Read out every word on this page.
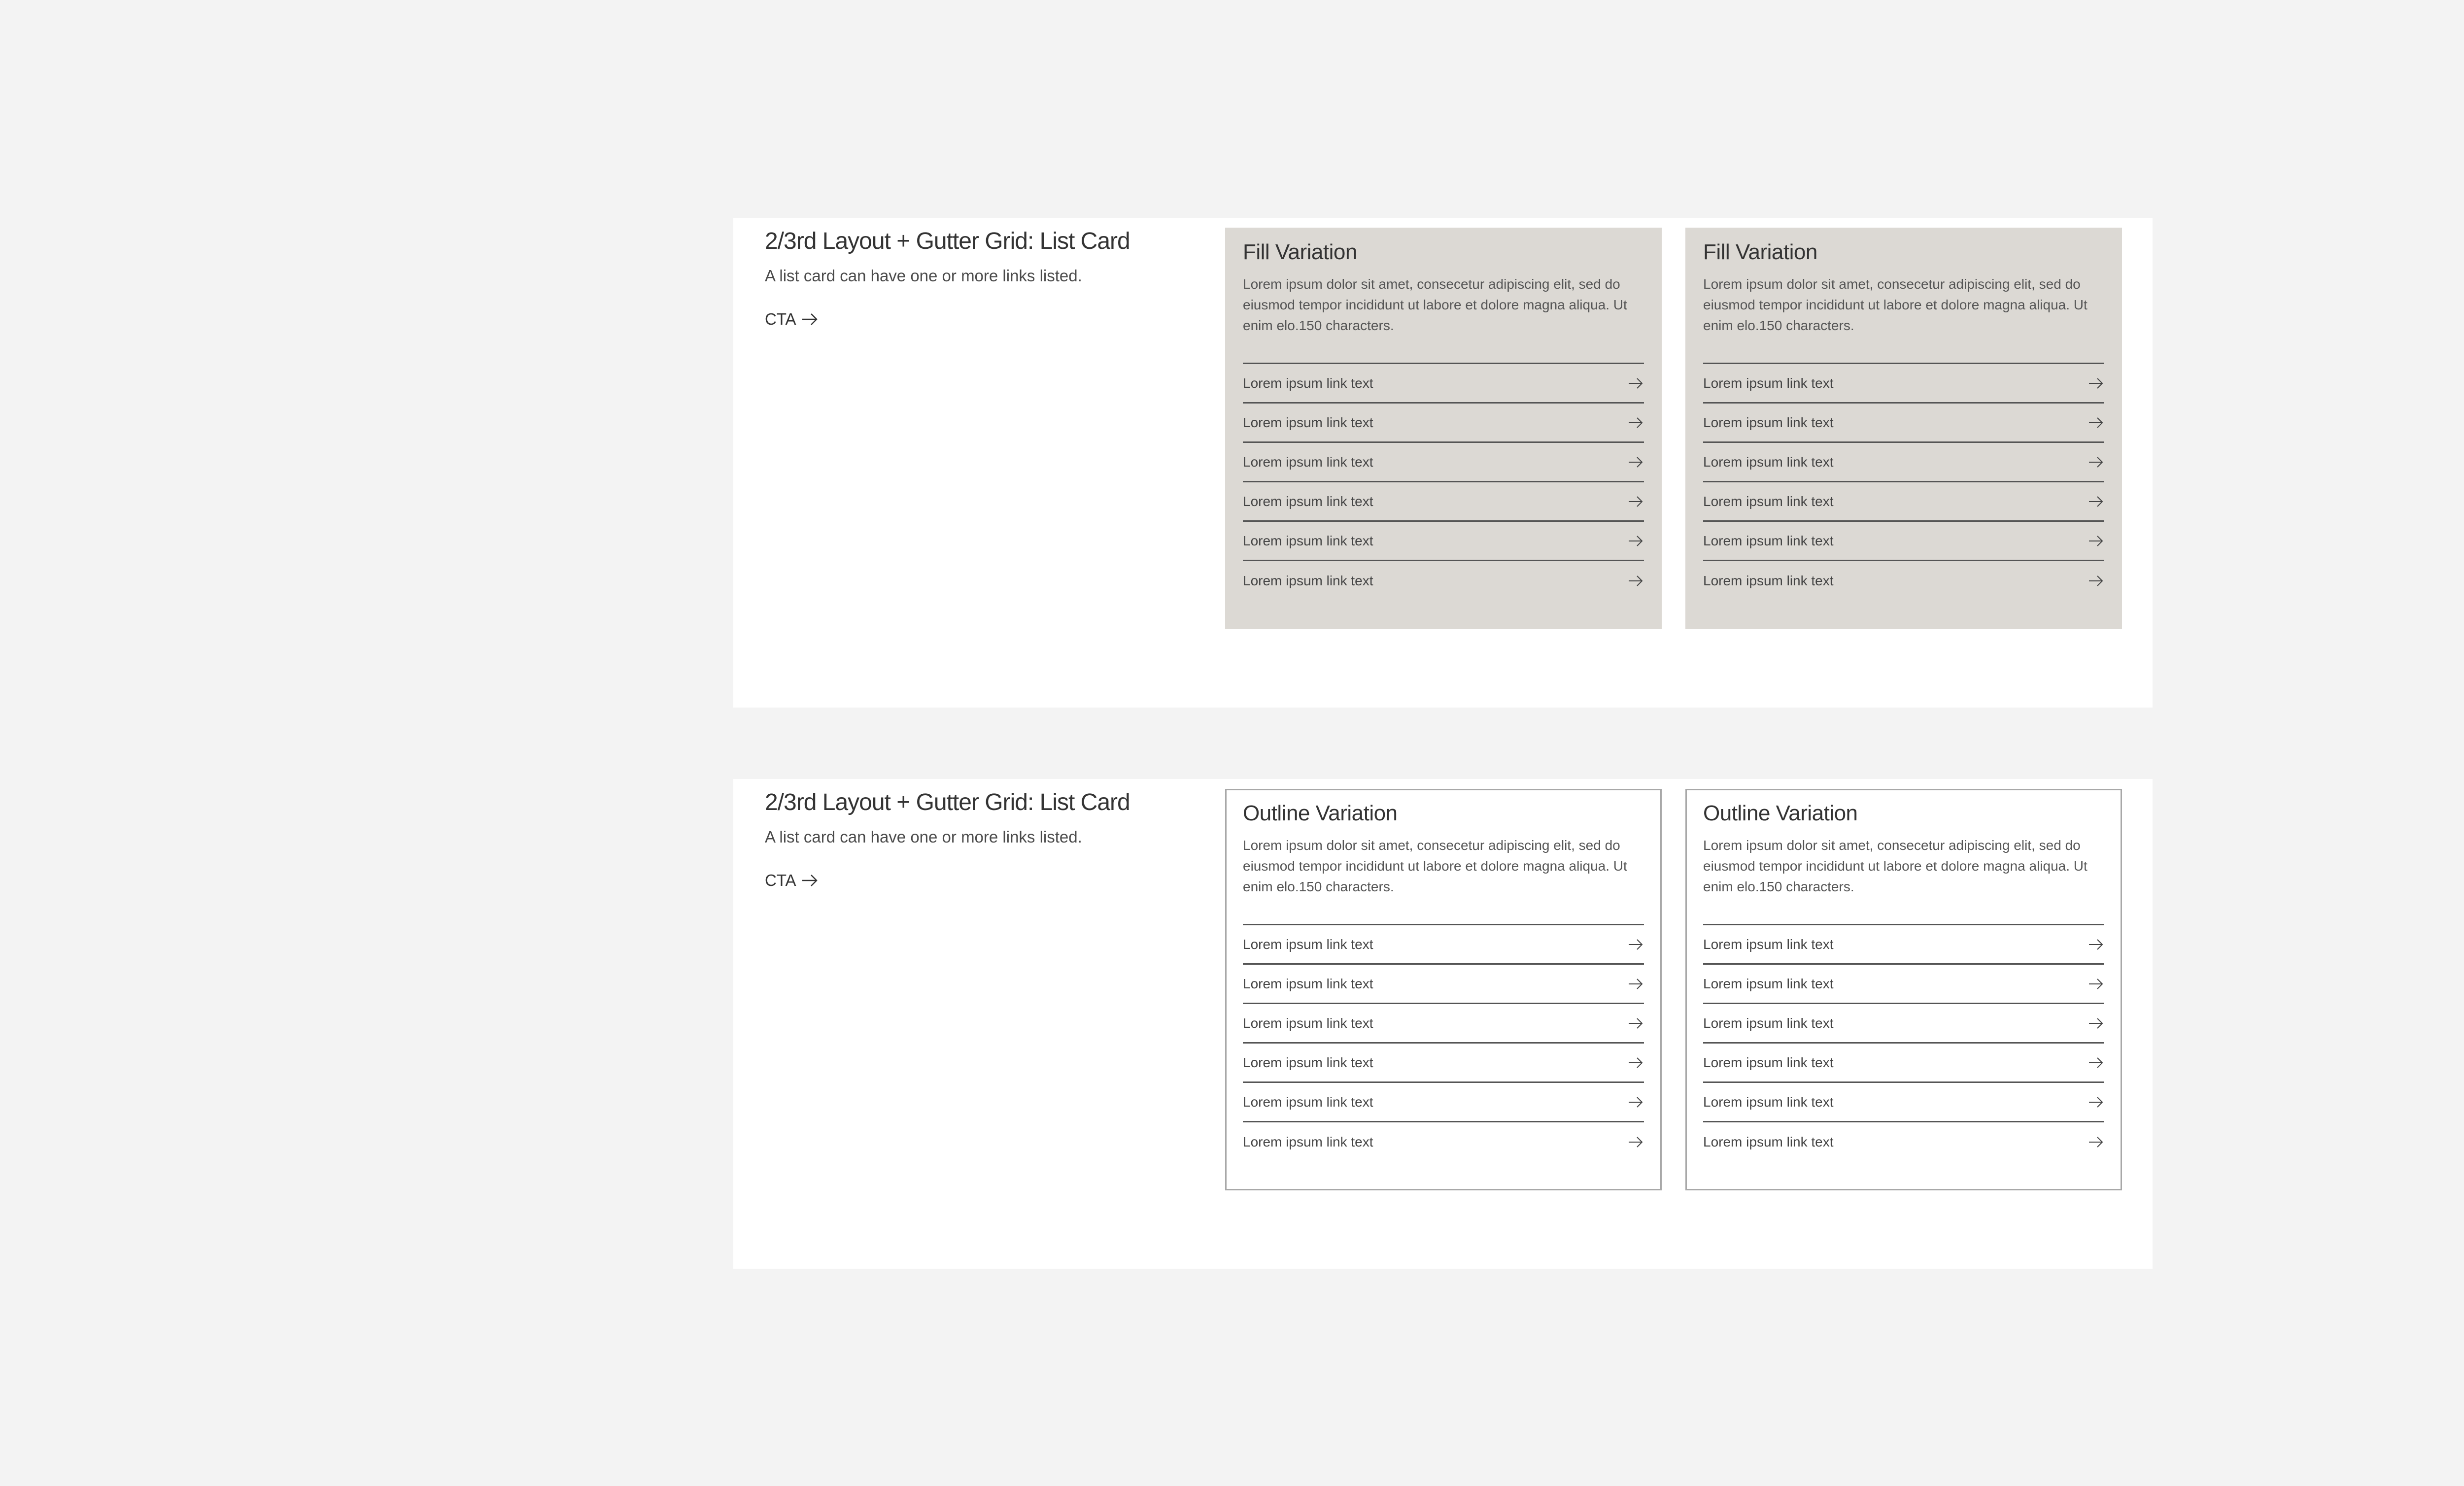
2/3rd Layout + Gutter Grid: List Card
A list card can have one or more links listed.
CTA
Fill Variation
Lorem ipsum dolor sit amet, consecetur adipiscing elit, sed do eiusmod tempor incididunt ut labore et dolore magna aliqua. Ut enim elo.150 characters.
Lorem ipsum link text
Lorem ipsum link text
Lorem ipsum link text
Lorem ipsum link text
Lorem ipsum link text
Lorem ipsum link text
Fill Variation
Lorem ipsum dolor sit amet, consecetur adipiscing elit, sed do eiusmod tempor incididunt ut labore et dolore magna aliqua. Ut enim elo.150 characters.
Lorem ipsum link text
Lorem ipsum link text
Lorem ipsum link text
Lorem ipsum link text
Lorem ipsum link text
Lorem ipsum link text
2/3rd Layout + Gutter Grid: List Card
A list card can have one or more links listed.
CTA
Outline Variation
Lorem ipsum dolor sit amet, consecetur adipiscing elit, sed do eiusmod tempor incididunt ut labore et dolore magna aliqua. Ut enim elo.150 characters.
Lorem ipsum link text
Lorem ipsum link text
Lorem ipsum link text
Lorem ipsum link text
Lorem ipsum link text
Lorem ipsum link text
Outline Variation
Lorem ipsum dolor sit amet, consecetur adipiscing elit, sed do eiusmod tempor incididunt ut labore et dolore magna aliqua. Ut enim elo.150 characters.
Lorem ipsum link text
Lorem ipsum link text
Lorem ipsum link text
Lorem ipsum link text
Lorem ipsum link text
Lorem ipsum link text
